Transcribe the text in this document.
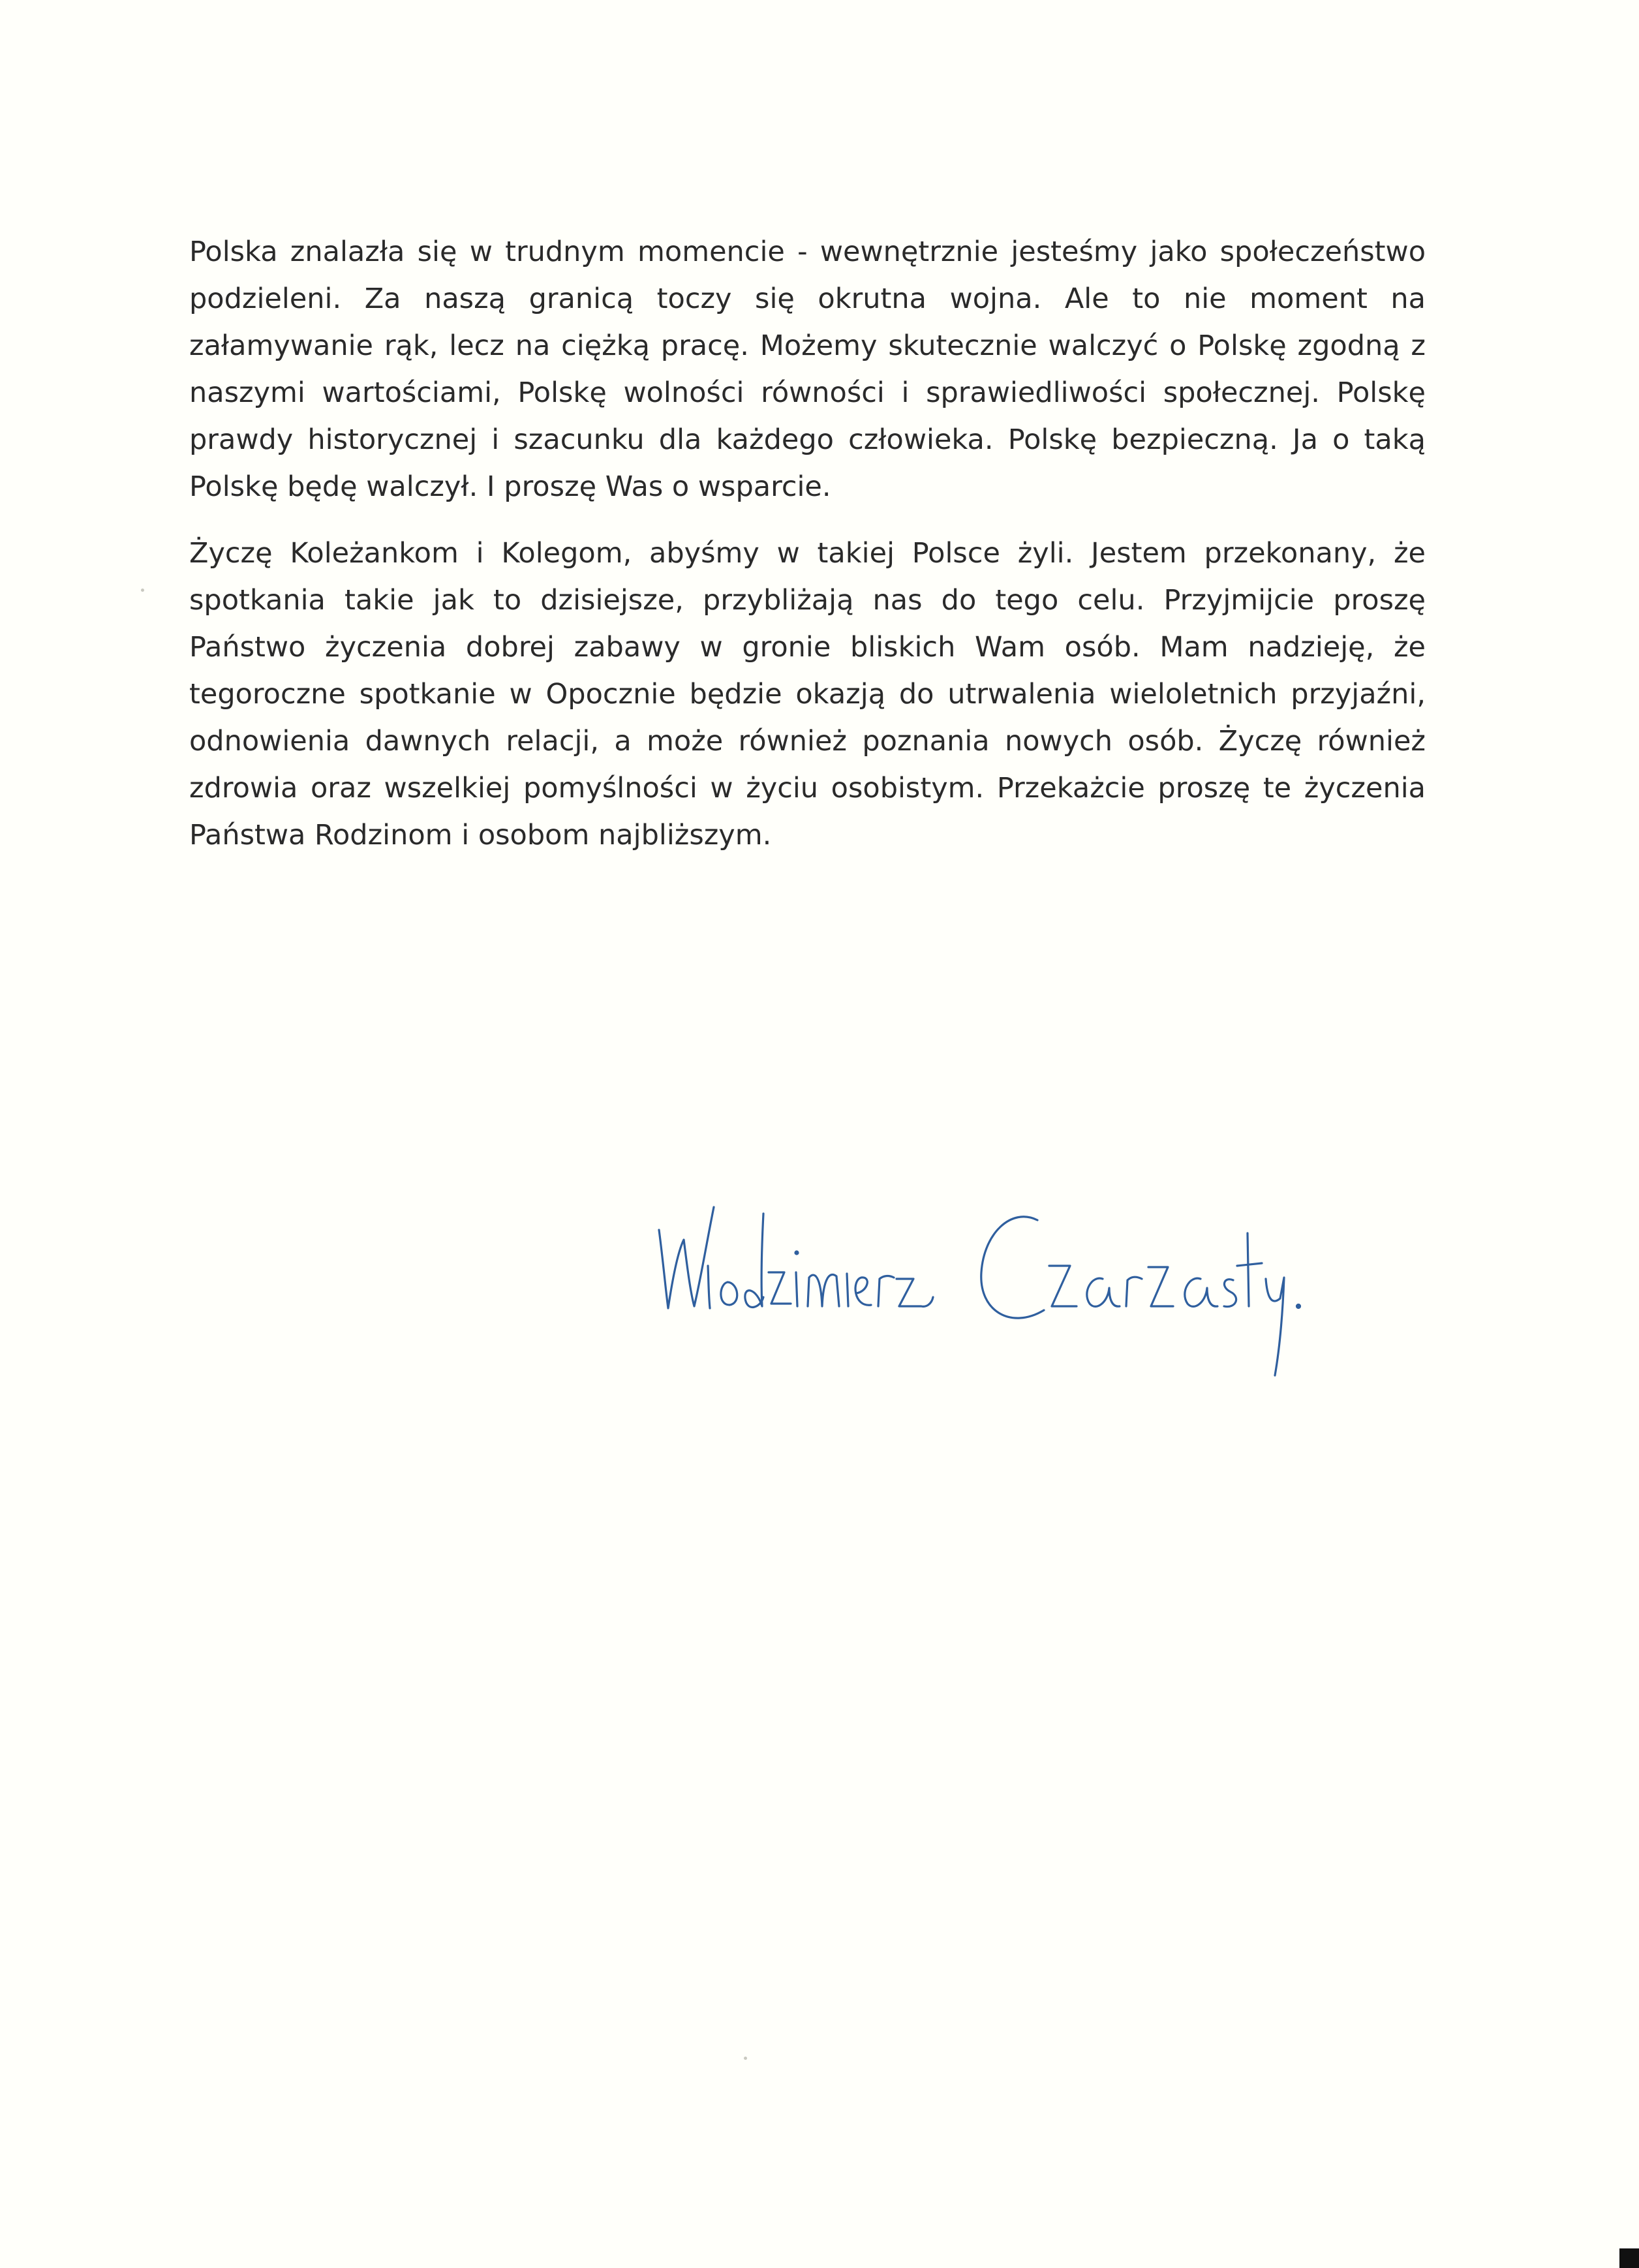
Polska znalazła się w trudnym momencie - wewnętrznie jesteśmy jako społeczeństwo podzieleni. Za naszą granicą toczy się okrutna wojna. Ale to nie moment na załamywanie rąk, lecz na ciężką pracę. Możemy skutecznie walczyć o Polskę zgodną z naszymi wartościami, Polskę wolności równości i sprawiedliwości społecznej. Polskę prawdy historycznej i szacunku dla każdego człowieka. Polskę bezpieczną. Ja o taką Polskę będę walczył. I proszę Was o wsparcie.

Życzę Koleżankom i Kolegom, abyśmy w takiej Polsce żyli. Jestem przekonany, że spotkania takie jak to dzisiejsze, przybliżają nas do tego celu. Przyjmijcie proszę Państwo życzenia dobrej zabawy w gronie bliskich Wam osób. Mam nadzieję, że tegoroczne spotkanie w Opocznie będzie okazją do utrwalenia wieloletnich przyjaźni, odnowienia dawnych relacji, a może również poznania nowych osób. Życzę również zdrowia oraz wszelkiej pomyślności w życiu osobistym. Przekażcie proszę te życzenia Państwa Rodzinom i osobom najbliższym.
